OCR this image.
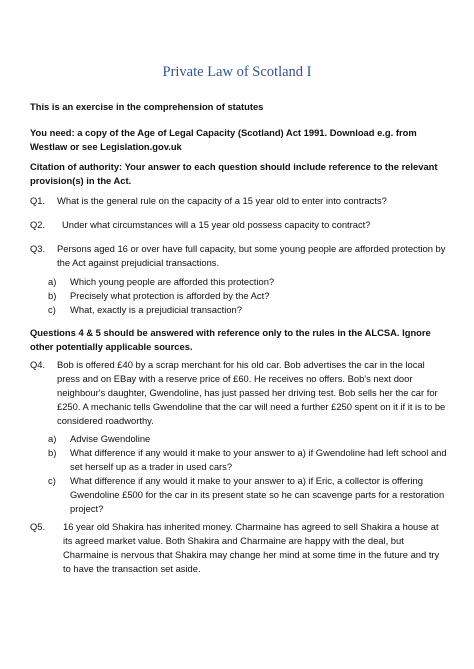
Private Law of Scotland I

This is an exercise in the comprehension of statutes

You need: a copy of the Age of Legal Capacity (Scotland) Act 1991. Download e.g. from Westlaw or see Legislation.gov.uk

Citation of authority: Your answer to each question should include reference to the relevant provision(s) in the Act.

Q1.	What is the general rule on the capacity of a 15 year old to enter into contracts?
Q2.	Under what circumstances will a 15 year old possess capacity to contract?
Q3.	Persons aged 16 or over have full capacity, but some young people are afforded protection by the Act against prejudicial transactions.
a)	Which young people are afforded this protection?
b)	Precisely what protection is afforded by the Act?
c)	What, exactly is a prejudicial transaction?

Questions 4 & 5 should be answered with reference only to the rules in the ALCSA. Ignore other potentially applicable sources.

Q4.	Bob is offered £40 by a scrap merchant for his old car. Bob advertises the car in the local press and on EBay with a reserve price of £60. He receives no offers. Bob's next door neighbour's daughter, Gwendoline, has just passed her driving test. Bob sells her the car for £250. A mechanic tells Gwendoline that the car will need a further £250 spent on it if it is to be considered roadworthy.
a)	Advise Gwendoline
b)	What difference if any would it make to your answer to a) if Gwendoline had left school and set herself up as a trader in used cars?
c)	What difference if any would it make to your answer to a) if Eric, a collector is offering Gwendoline £500 for the car in its present state so he can scavenge parts for a restoration project?
Q5.	16 year old Shakira has inherited money. Charmaine has agreed to sell Shakira a house at its agreed market value. Both Shakira and Charmaine are happy with the deal, but Charmaine is nervous that Shakira may change her mind at some time in the future and try to have the transaction set aside.
